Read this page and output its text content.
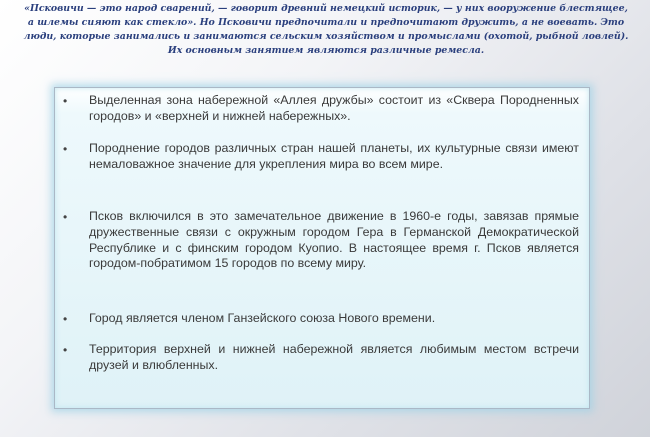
«Псковичи — это народ сварений, — говорит древний немецкий историк, — у них вооружение блестящее, а шлемы сияют как стекло». Но Псковичи предпочитали и предпочитают дружить, а не воевать. Это люди, которые занимались и занимаются сельским хозяйством и промыслами (охотой, рыбной ловлей). Их основным занятием являются различные ремесла.

• Выделенная зона набережной «Аллея дружбы» состоит из «Сквера Породненных городов» и «верхней и нижней набережных».

• Породнение городов различных стран нашей планеты, их культурные связи имеют немаловажное значение для укрепления мира во всем мире.

• Псков включился в это замечательное движение в 1960-е годы, завязав прямые дружественные связи с окружным городом Гера в Германской Демократической Республике и с финским городом Куопио. В настоящее время г. Псков является городом-побратимом 15 городов по всему миру.

• Город является членом Ганзейского союза Нового времени.

• Территория верхней и нижней набережной является любимым местом встречи друзей и влюбленных.
